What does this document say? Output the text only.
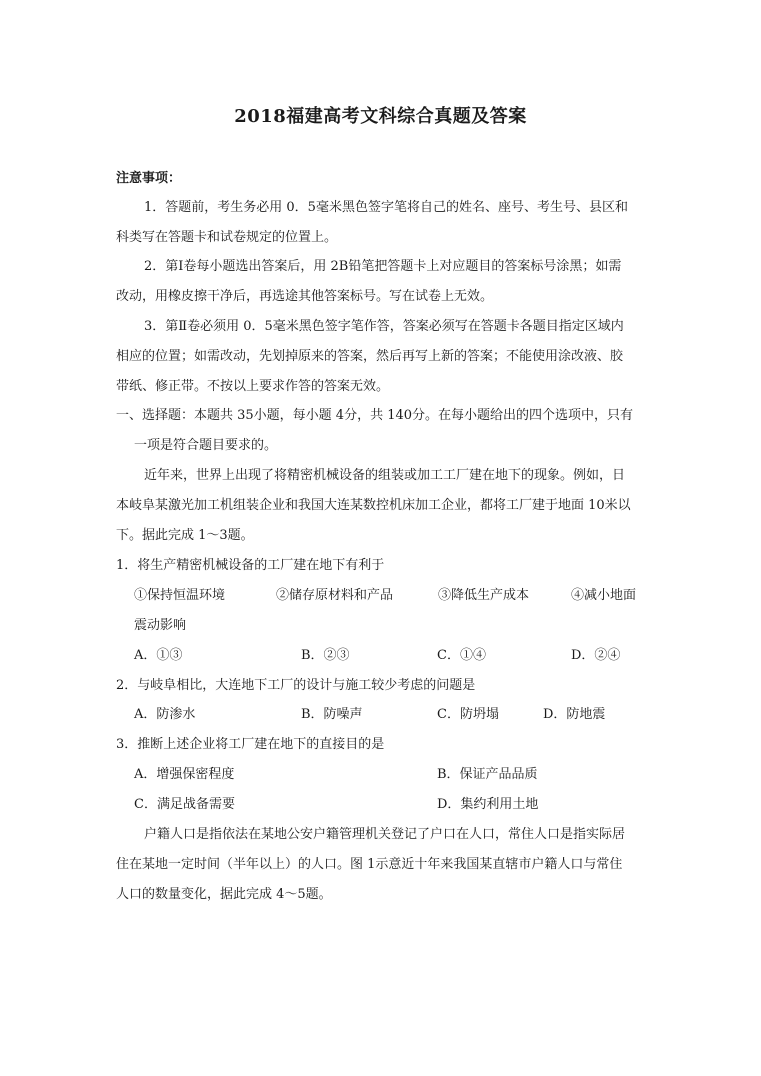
2018福建高考文科综合真题及答案
注意事项：
1．答题前，考生务必用 0．5毫米黑色签字笔将自己的姓名、座号、考生号、县区和
科类写在答题卡和试卷规定的位置上。
2．第Ⅰ卷每小题选出答案后，用 2B铅笔把答题卡上对应题目的答案标号涂黑；如需
改动，用橡皮擦干净后，再选途其他答案标号。写在试卷上无效。
3．第Ⅱ卷必须用 0．5毫米黑色签字笔作答，答案必须写在答题卡各题目指定区域内
相应的位置；如需改动，先划掉原来的答案，然后再写上新的答案；不能使用涂改液、胶
带纸、修正带。不按以上要求作答的答案无效。
一、选择题：本题共 35小题，每小题 4分，共 140分。在每小题给出的四个选项中，只有
一项是符合题目要求的。
近年来，世界上出现了将精密机械设备的组装或加工工厂建在地下的现象。例如，日
本岐阜某激光加工机组装企业和我国大连某数控机床加工企业，都将工厂建于地面 10米以
下。据此完成 1～3题。
1．将生产精密机械设备的工厂建在地下有利于
①保持恒温环境	②储存原材料和产品	③降低生产成本	④减小地面
震动影响
A．①③	B．②③	C．①④	D．②④
2．与岐阜相比，大连地下工厂的设计与施工较少考虑的问题是
A．防渗水	B．防噪声	C．防坍塌	D．防地震
3．推断上述企业将工厂建在地下的直接目的是
A．增强保密程度	B．保证产品品质
C．满足战备需要	D．集约利用土地
户籍人口是指依法在某地公安户籍管理机关登记了户口在人口，常住人口是指实际居
住在某地一定时间（半年以上）的人口。图 1示意近十年来我国某直辖市户籍人口与常住
人口的数量变化，据此完成 4～5题。
